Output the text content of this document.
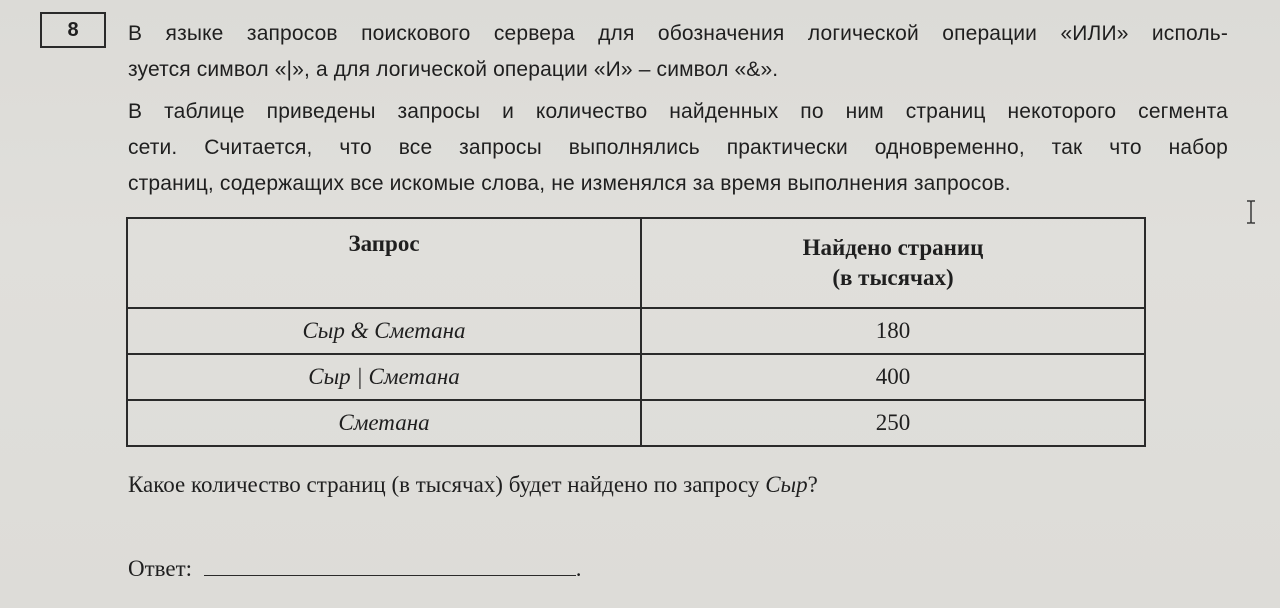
8	В языке запросов поискового сервера для обозначения логической операции «ИЛИ» исполь-
зуется символ «|», а для логической операции «И» – символ «&».

В таблице приведены запросы и количество найденных по ним страниц некоторого сегмента
сети. Считается, что все запросы выполнялись практически одновременно, так что набор
страниц, содержащих все искомые слова, не изменялся за время выполнения запросов.

Запрос	Найдено страниц
(в тысячах)
Сыр & Сметана	180
Сыр | Сметана	400
Сметана	250
Какое количество страниц (в тысячах) будет найдено по запросу Сыр?
Ответ:	.
